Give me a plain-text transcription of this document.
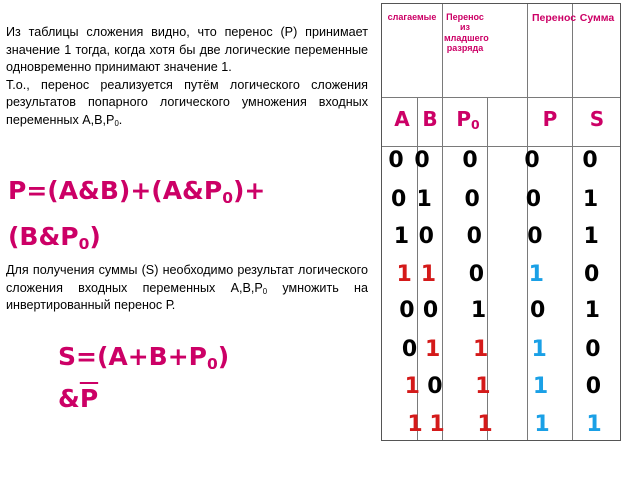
Из таблицы сложения видно, что перенос (Р) принимает значение 1 тогда, когда хотя бы две логические переменные одновременно принимают значение 1.
Т.о., перенос реализуется путём логического сложения результатов попарного логического умножения входных переменных $А,В,Р_0$.

$P=(A\&B)+(A\&P_0)+$
$(B\&P_0)$

Для получения суммы (S) необходимо результат логического сложения входных переменных $А,В,Р_0$ умножить на инвертированный перенос Р.

$S=(A+B+P_0)$
$\&\overline{P}$
слагаемые	Перенос из младшего разряда
Перенос Сумма
A B $P_0$	P	S
0 0 0 0 0
0 1 0 0 1
1 0 0 0 1
1 1 0 1 0
0 0 1 0 1
0 1 1 1 0
1 0 1 1 0
1 1 1 1 1
